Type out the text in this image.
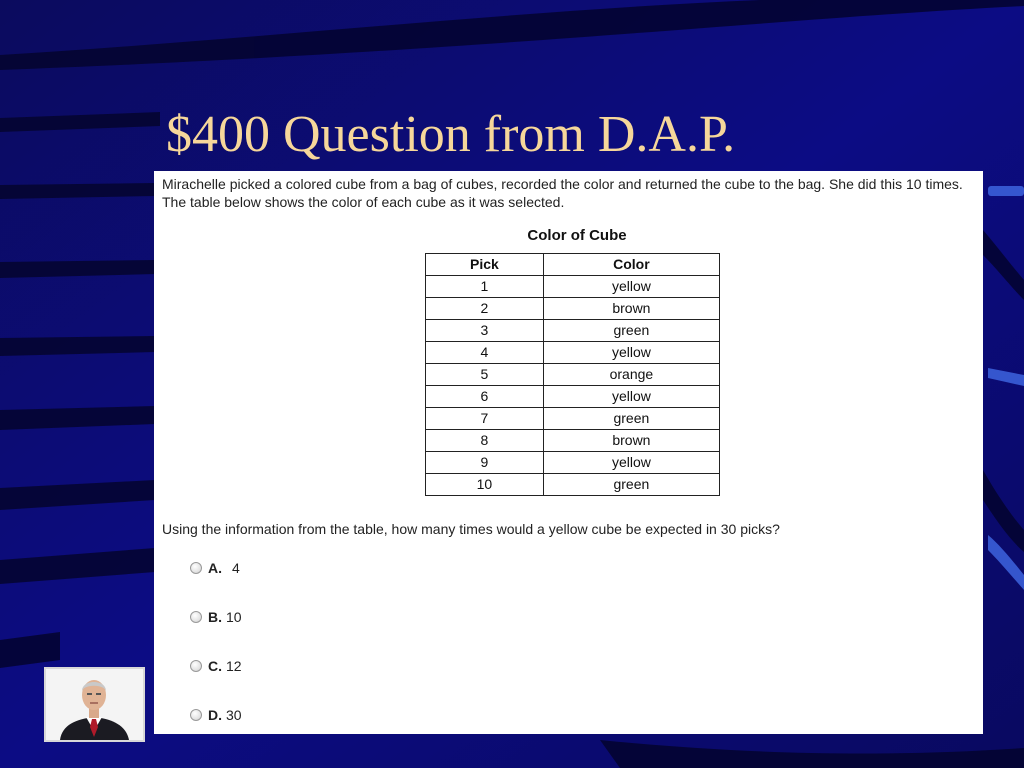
$400 Question from D.A.P.

Mirachelle picked a colored cube from a bag of cubes, recorded the color and returned the cube to the bag. She did this 10 times. The table below shows the color of each cube as it was selected.

Color of Cube
Pick	Color
1	yellow
2	brown
3	green
4	yellow
5	orange
6	yellow
7	green
8	brown
9	yellow
10	green

Using the information from the table, how many times would a yellow cube be expected in 30 picks?

A. 4
B. 10
C. 12
D. 30
